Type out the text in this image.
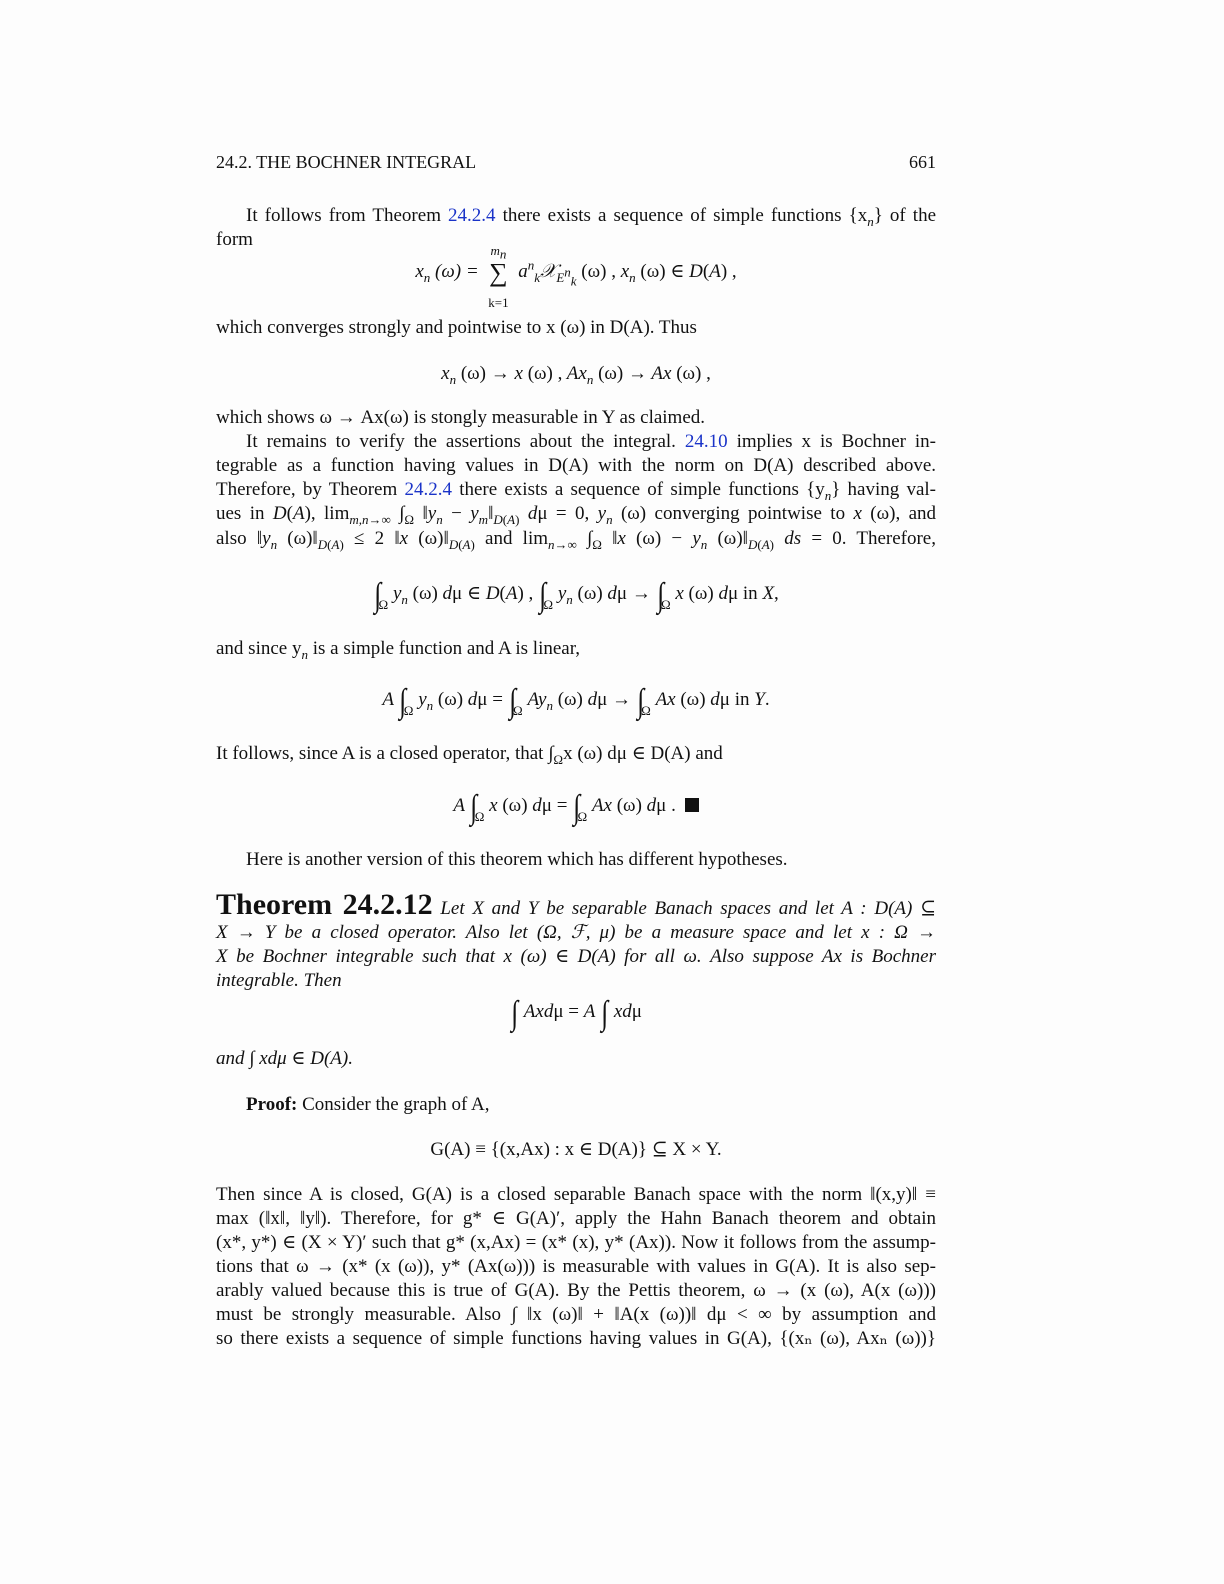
24.2. THE BOCHNER INTEGRAL	661
It follows from Theorem 24.2.4 there exists a sequence of simple functions $\{x_n\}$ of the
form
$x_n$ (ω) =
$m_n$
∑
k=1
$a^n_k𝒳_{E^n_k}$ (ω) , $x_n$ (ω) ∈ D(A) ,
which converges strongly and pointwise to x (ω) in D(A). Thus
$x_n$ (ω) → x (ω) , $Ax_n$ (ω) → Ax (ω) ,
which shows ω → Ax(ω) is stongly measurable in Y as claimed.
It remains to verify the assertions about the integral. 24.10 implies x is Bochner in-
tegrable as a function having values in D(A) with the norm on D(A) described above.
Therefore, by Theorem 24.2.4 there exists a sequence of simple functions $\{y_n\}$ having val-
ues in D(A), $\lim_{m,n\to\infty} \int_\Omega$ $‖y_n$ − $y_m‖_{D(A)}$ dμ = 0, $y_n$ (ω) converging pointwise to x (ω), and
also $‖y_n$ $(\omega)‖_{D(A)} \le 2$ ‖x $(\omega)‖_{D(A)}$ and $\lim_{n\to\infty} \int_\Omega$ ‖x $(\omega) - y_n$ $(\omega)‖_{D(A)}$ ds = 0. Therefore,
$\int_\Omega$ $y_n$ (ω) dμ ∈ D(A) , $\int_\Omega$ $y_n$ (ω) $d\mu \to \int_\Omega$ x (ω) dμ in X,
and since $y_n$ is a simple function and A is linear,
A $\int_\Omega$ $y_n$ (ω) $d\mu = \int_\Omega$ $Ay_n$ (ω) $d\mu \to \int_\Omega$ Ax (ω) dμ in Y.
It follows, since A is a closed operator, that $\int_\Omega x$ (ω) dμ ∈ D(A) and
A $\int_\Omega$ x (ω) $d\mu = \int_\Omega$ Ax (ω) dμ .
Here is another version of this theorem which has different hypotheses.
Theorem 24.2.12 Let X and Y be separable Banach spaces and let A : D(A) ⊆
X → Y be a closed operator. Also let (Ω, ℱ, μ) be a measure space and let x : Ω →
X be Bochner integrable such that x (ω) ∈ D(A) for all ω. Also suppose Ax is Bochner
integrable. Then
∫ Axdμ = A ∫ xdμ
and ∫ xdμ ∈ D(A).
Proof: Consider the graph of A,
G(A) ≡ {(x,Ax) : x ∈ D(A)} ⊆ X × Y.
Then since A is closed, G(A) is a closed separable Banach space with the norm ‖(x,y)‖ ≡
max (‖x‖, ‖y‖). Therefore, for g* ∈ G(A)′, apply the Hahn Banach theorem and obtain
(x*, y*) ∈ (X × Y)′ such that g* (x,Ax) = (x* (x), y* (Ax)). Now it follows from the assump-
tions that ω → (x* (x (ω)), y* (Ax(ω))) is measurable with values in G(A). It is also sep-
arably valued because this is true of G(A). By the Pettis theorem, ω → (x (ω), A(x (ω)))
must be strongly measurable. Also ∫ ‖x (ω)‖ + ‖A(x (ω))‖ dμ < ∞ by assumption and
so there exists a sequence of simple functions having values in G(A), {(xₙ (ω), Axₙ (ω))}
